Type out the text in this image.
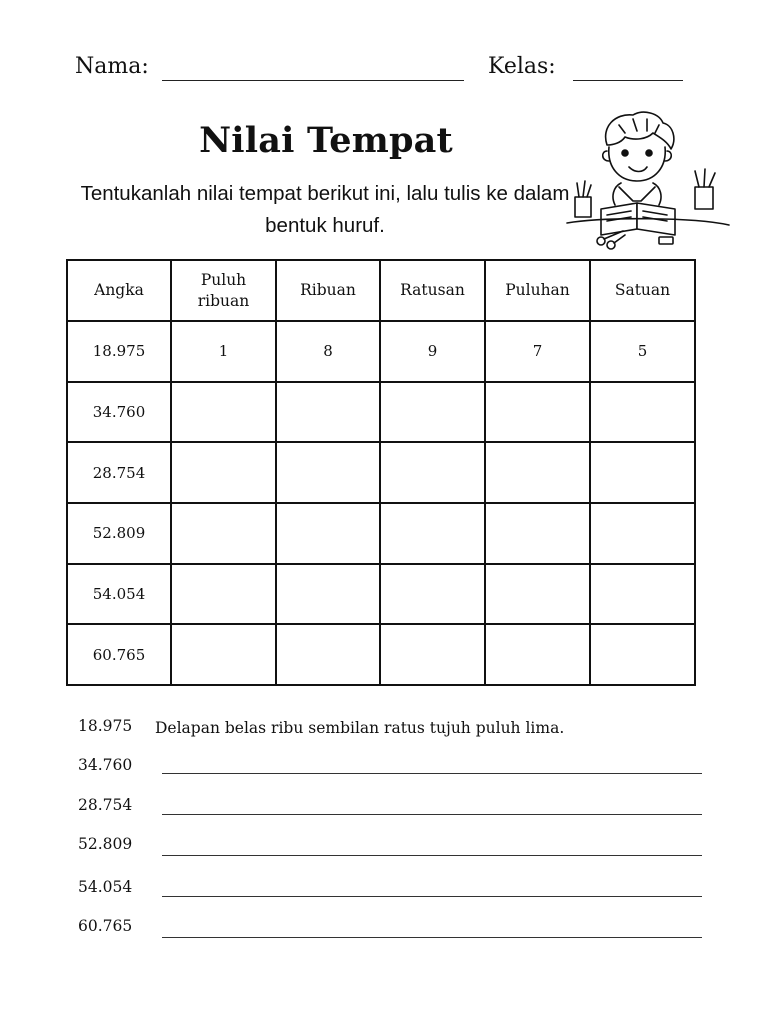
Nama:	Kelas:
Nilai Tempat
Tentukanlah nilai tempat berikut ini, lalu tulis ke dalam bentuk huruf.
Angka	Puluh ribuan	Ribuan	Ratusan	Puluhan	Satuan
18.975	1	8	9	7	5
34.760					
28.754					
52.809					
54.054					
60.765					
18.975 Delapan belas ribu sembilan ratus tujuh puluh lima.
34.760
28.754
52.809
54.054
60.765
